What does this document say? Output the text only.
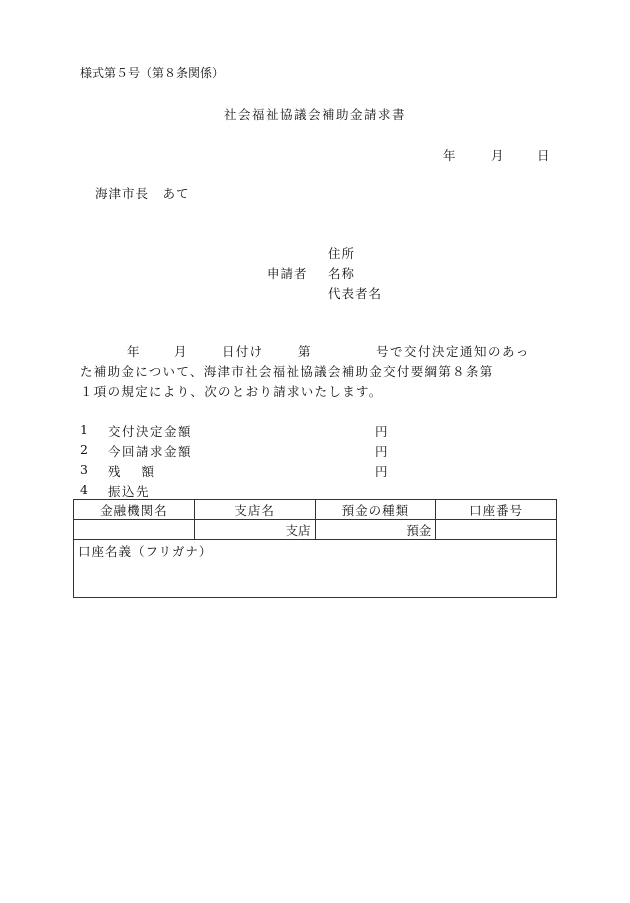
様式第５号（第８条関係）
社会福祉協議会補助金請求書
年	月	日
海津市長　あて
住所
申請者 名称
代表者名
年	月	日付け	第	号で交付決定通知のあっ
た補助金について、海津市社会福祉協議会補助金交付要綱第８条第
１項の規定により、次のとおり請求いたします。
1 交付決定金額	円
2 今回請求金額	円
3 残　 額	円
4 振込先
金融機関名	支店名	預金の種類	口座番号
	支店	預金	
口座名義（フリガナ）			
